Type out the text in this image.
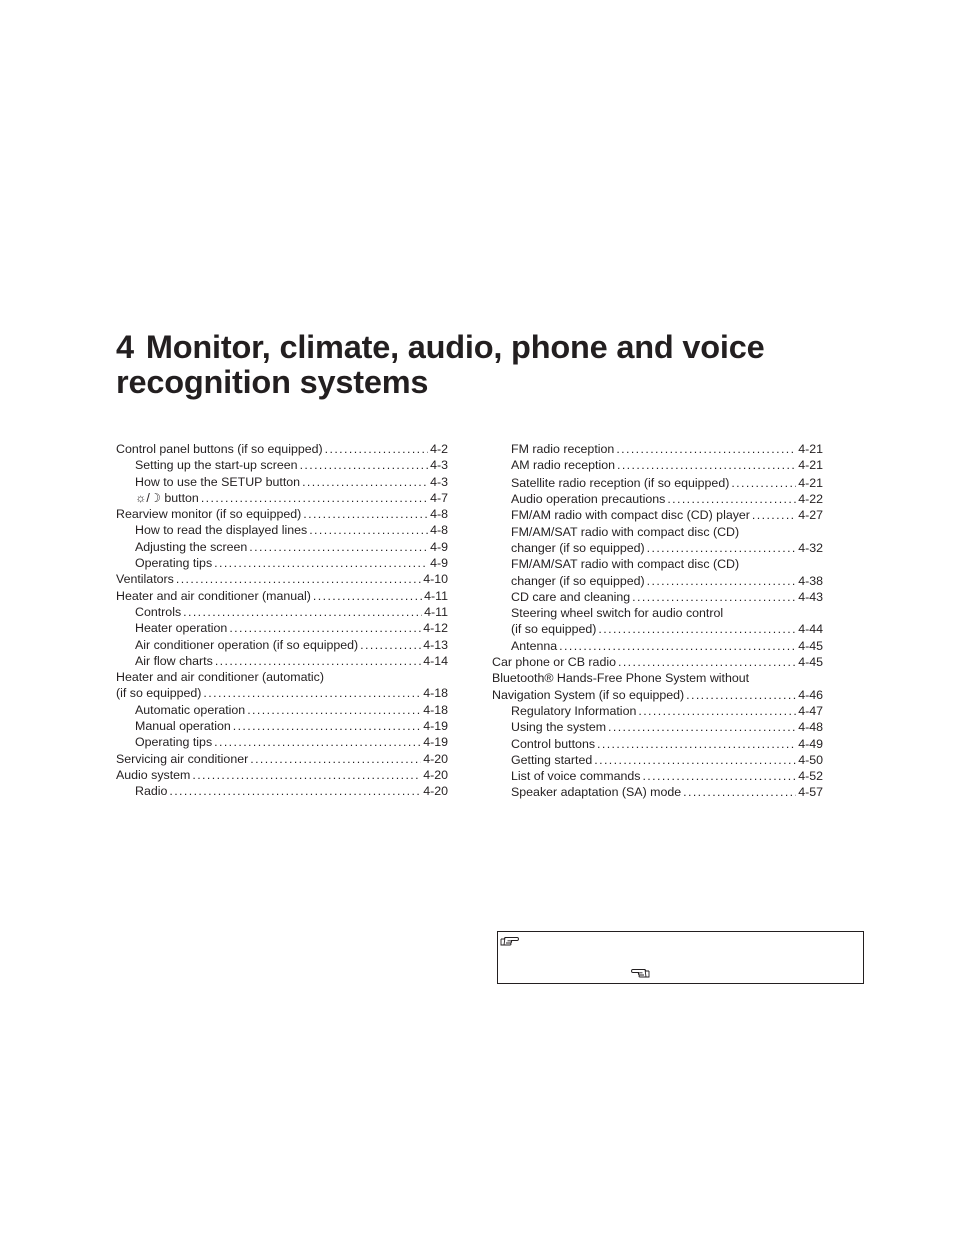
4 Monitor, climate, audio, phone and voice recognition systems
Control panel buttons (if so equipped) .....	4-2
Setting up the start-up screen .....	4-3
How to use the SETUP button .....	4-3
☼/☽ button .....	4-7
Rearview monitor (if so equipped) .....	4-8
How to read the displayed lines .....	4-8
Adjusting the screen .....	4-9
Operating tips .....	4-9
Ventilators .....	4-10
Heater and air conditioner (manual) .....	4-11
Controls .....	4-11
Heater operation .....	4-12
Air conditioner operation (if so equipped) .....	4-13
Air flow charts .....	4-14
Heater and air conditioner (automatic)
(if so equipped) .....	4-18
Automatic operation .....	4-18
Manual operation .....	4-19
Operating tips .....	4-19
Servicing air conditioner .....	4-20
Audio system .....	4-20
Radio .....	4-20
FM radio reception .....	4-21
AM radio reception .....	4-21
Satellite radio reception (if so equipped) .....	4-21
Audio operation precautions .....	4-22
FM/AM radio with compact disc (CD) player .....	4-27
FM/AM/SAT radio with compact disc (CD)
changer (if so equipped) .....	4-32
FM/AM/SAT radio with compact disc (CD)
changer (if so equipped) .....	4-38
CD care and cleaning .....	4-43
Steering wheel switch for audio control
(if so equipped) .....	4-44
Antenna .....	4-45
Car phone or CB radio .....	4-45
Bluetooth® Hands-Free Phone System without
Navigation System (if so equipped) .....	4-46
Regulatory Information .....	4-47
Using the system .....	4-48
Control buttons .....	4-49
Getting started .....	4-50
List of voice commands .....	4-52
Speaker adaptation (SA) mode .....	4-57
